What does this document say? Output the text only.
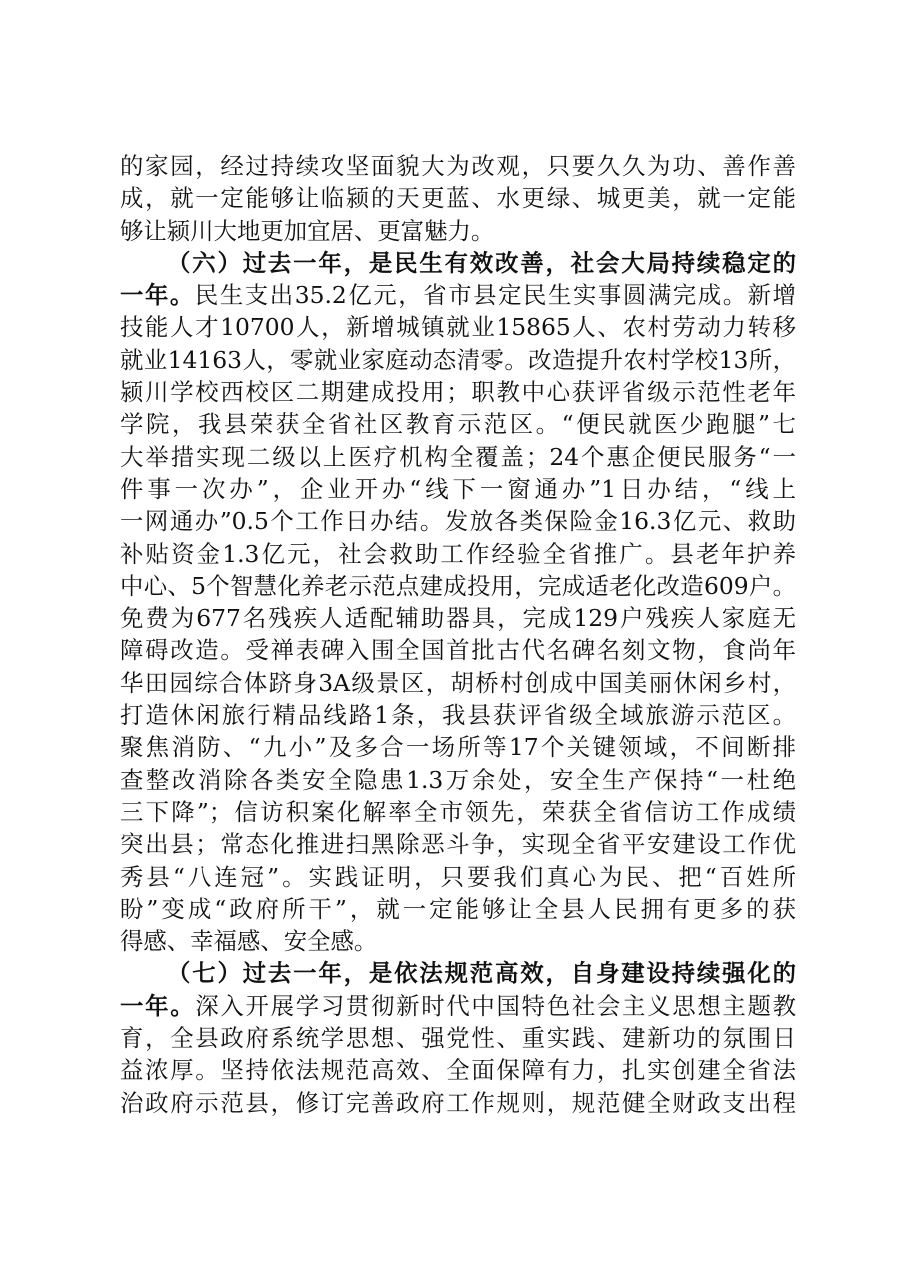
的家园，经过持续攻坚面貌大为改观，只要久久为功、善作善
成，就一定能够让临颍的天更蓝、水更绿、城更美，就一定能
够让颍川大地更加宜居、更富魅力。
（六）过去一年，是民生有效改善，社会大局持续稳定的
一年。民生支出35.2亿元，省市县定民生实事圆满完成。新增
技能人才10700人，新增城镇就业15865人、农村劳动力转移
就业14163人，零就业家庭动态清零。改造提升农村学校13所，
颍川学校西校区二期建成投用；职教中心获评省级示范性老年
学院，我县荣获全省社区教育示范区。“便民就医少跑腿”七
大举措实现二级以上医疗机构全覆盖；24个惠企便民服务“一
件事一次办”，企业开办“线下一窗通办”1日办结，“线上
一网通办”0.5个工作日办结。发放各类保险金16.3亿元、救助
补贴资金1.3亿元，社会救助工作经验全省推广。县老年护养
中心、5个智慧化养老示范点建成投用，完成适老化改造609户。
免费为677名残疾人适配辅助器具，完成129户残疾人家庭无
障碍改造。受禅表碑入围全国首批古代名碑名刻文物，食尚年
华田园综合体跻身3A级景区，胡桥村创成中国美丽休闲乡村，
打造休闲旅行精品线路1条，我县获评省级全域旅游示范区。
聚焦消防、“九小”及多合一场所等17个关键领域，不间断排
查整改消除各类安全隐患1.3万余处，安全生产保持“一杜绝
三下降”；信访积案化解率全市领先，荣获全省信访工作成绩
突出县；常态化推进扫黑除恶斗争，实现全省平安建设工作优
秀县“八连冠”。实践证明，只要我们真心为民、把“百姓所
盼”变成“政府所干”，就一定能够让全县人民拥有更多的获
得感、幸福感、安全感。
（七）过去一年，是依法规范高效，自身建设持续强化的
一年。深入开展学习贯彻新时代中国特色社会主义思想主题教
育，全县政府系统学思想、强党性、重实践、建新功的氛围日
益浓厚。坚持依法规范高效、全面保障有力，扎实创建全省法
治政府示范县，修订完善政府工作规则，规范健全财政支出程
